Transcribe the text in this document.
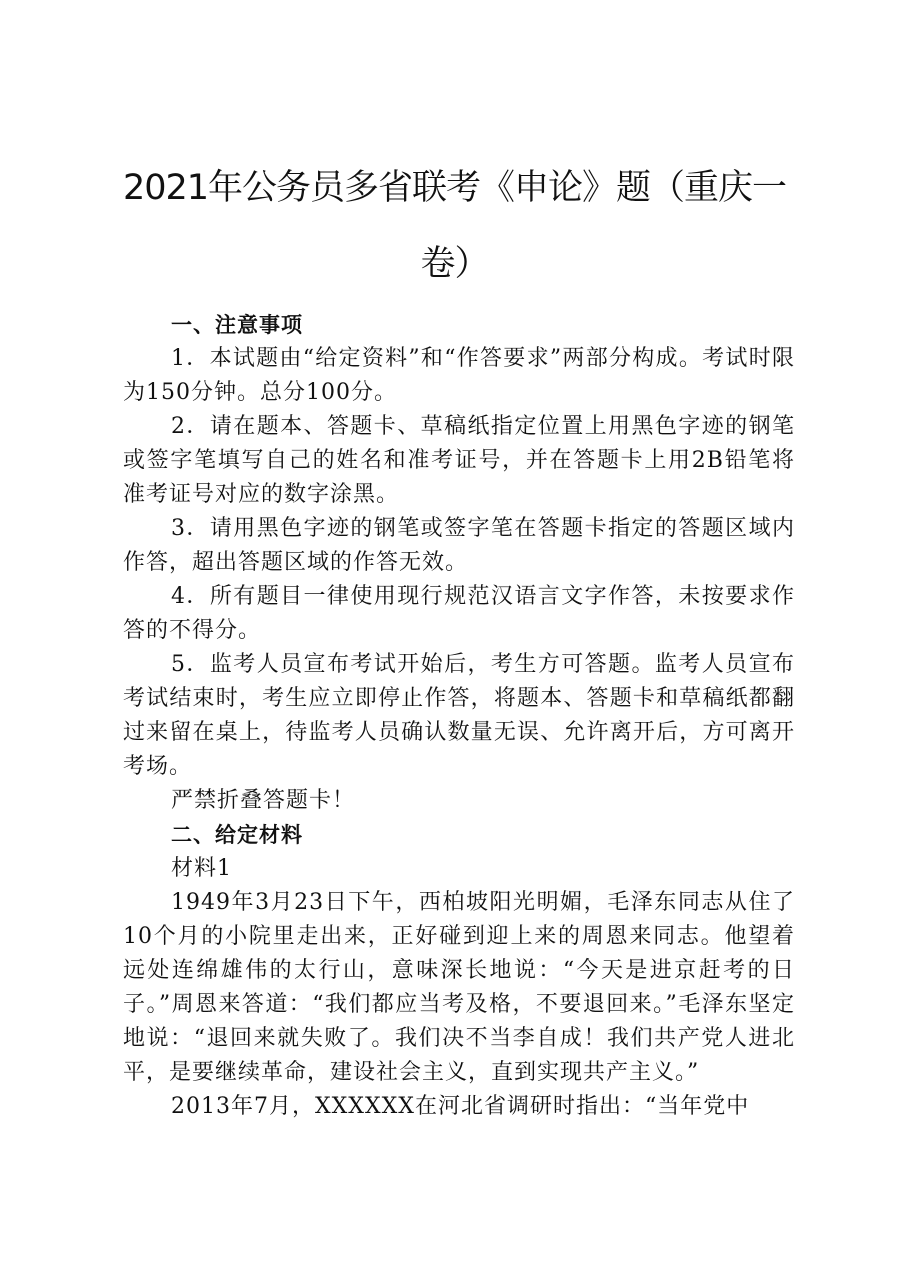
2021年公务员多省联考《申论》题（重庆一卷）

一、注意事项

1．本试题由“给定资料”和“作答要求”两部分构成。考试时限为150分钟。总分100分。

2．请在题本、答题卡、草稿纸指定位置上用黑色字迹的钢笔或签字笔填写自己的姓名和准考证号，并在答题卡上用2B铅笔将准考证号对应的数字涂黑。

3．请用黑色字迹的钢笔或签字笔在答题卡指定的答题区域内作答，超出答题区域的作答无效。

4．所有题目一律使用现行规范汉语言文字作答，未按要求作答的不得分。

5．监考人员宣布考试开始后，考生方可答题。监考人员宣布考试结束时，考生应立即停止作答，将题本、答题卡和草稿纸都翻过来留在桌上，待监考人员确认数量无误、允许离开后，方可离开考场。

严禁折叠答题卡！

二、给定材料

材料1

1949年3月23日下午，西柏坡阳光明媚，毛泽东同志从住了10个月的小院里走出来，正好碰到迎上来的周恩来同志。他望着远处连绵雄伟的太行山，意味深长地说：“今天是进京赶考的日子。”周恩来答道：“我们都应当考及格，不要退回来。”毛泽东坚定地说：“退回来就失败了。我们决不当李自成！我们共产党人进北平，是要继续革命，建设社会主义，直到实现共产主义。”

2013年7月，XXXXXX在河北省调研时指出：“当年党中
